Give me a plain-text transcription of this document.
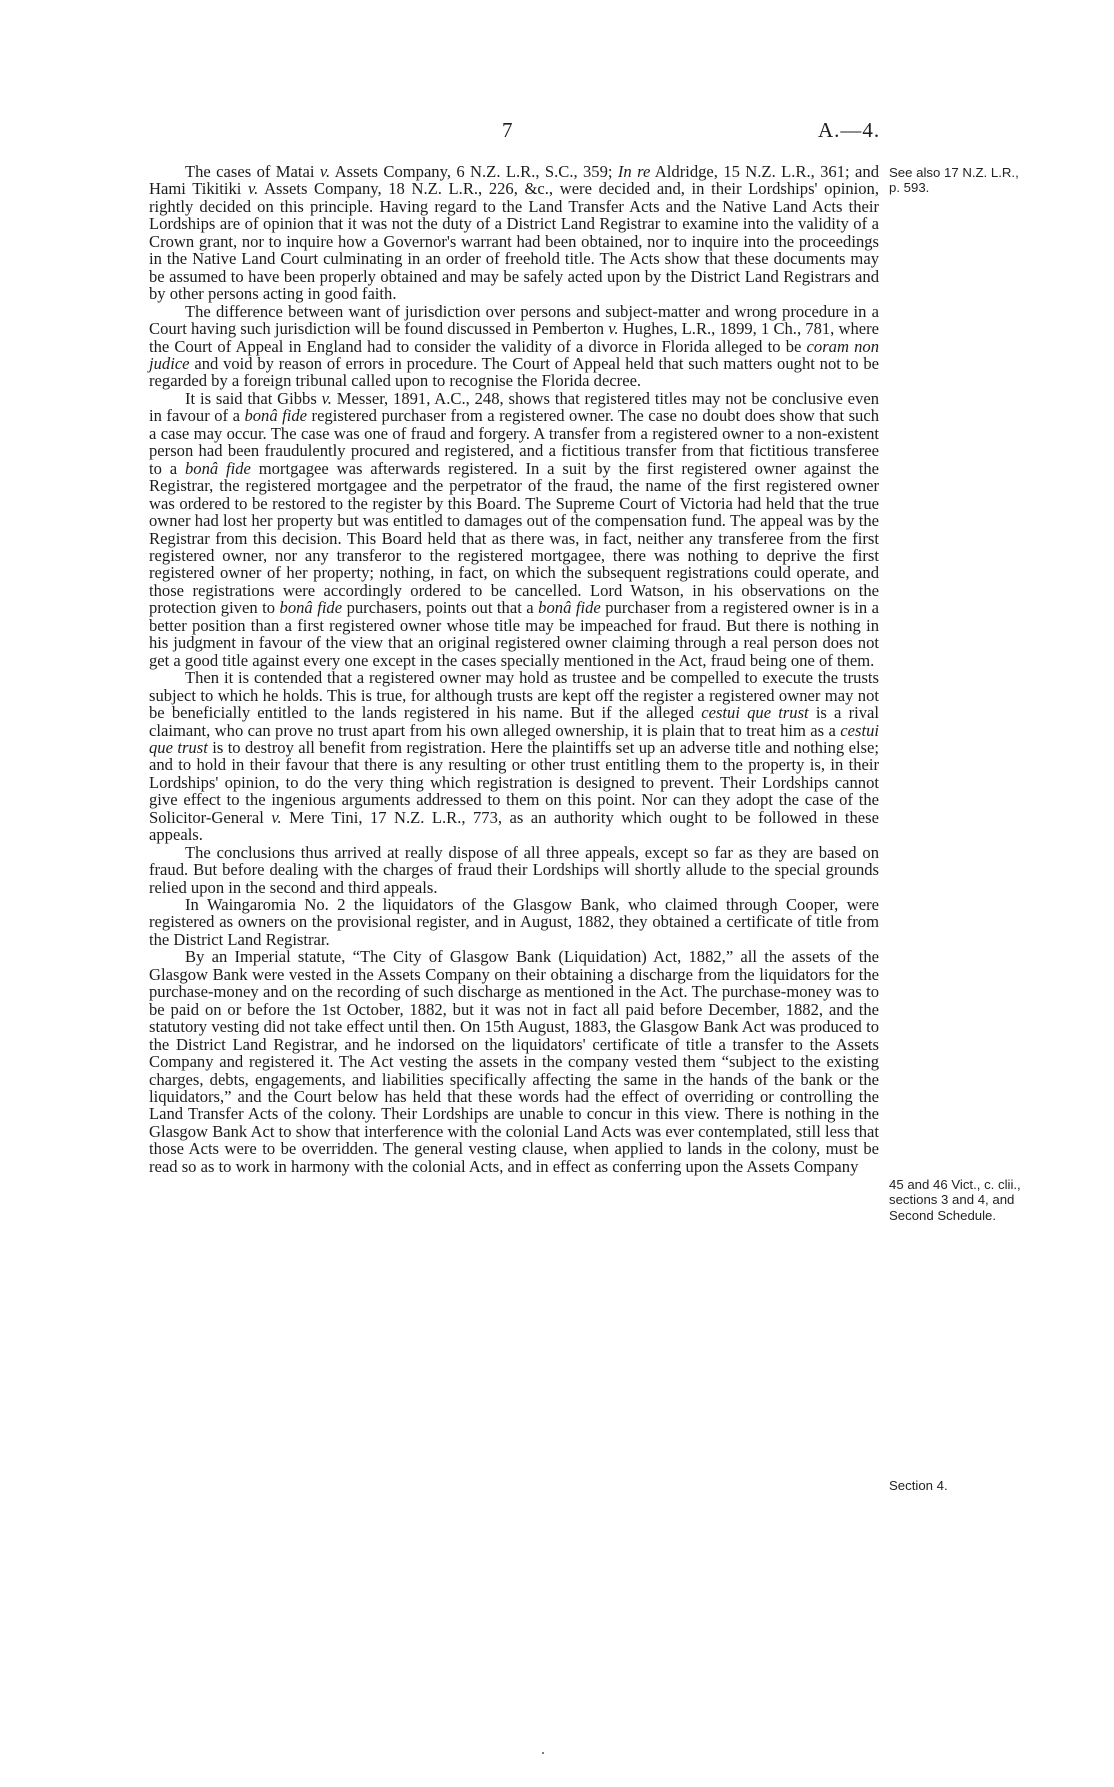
7	A.—4.

The cases of Matai v. Assets Company, 6 N.Z. L.R., S.C., 359; In re Aldridge, 15 N.Z. L.R., 361; and Hami Tikitiki v. Assets Company, 18 N.Z. L.R., 226, &c., were decided and, in their Lordships' opinion, rightly decided on this principle. Having regard to the Land Transfer Acts and the Native Land Acts their Lordships are of opinion that it was not the duty of a District Land Registrar to examine into the validity of a Crown grant, nor to inquire how a Governor's warrant had been obtained, nor to inquire into the proceedings in the Native Land Court culminating in an order of freehold title. The Acts show that these documents may be assumed to have been properly obtained and may be safely acted upon by the District Land Registrars and by other persons acting in good faith.

The difference between want of jurisdiction over persons and subject-matter and wrong procedure in a Court having such jurisdiction will be found discussed in Pemberton v. Hughes, L.R., 1899, 1 Ch., 781, where the Court of Appeal in England had to consider the validity of a divorce in Florida alleged to be coram non judice and void by reason of errors in procedure. The Court of Appeal held that such matters ought not to be regarded by a foreign tribunal called upon to recognise the Florida decree.

It is said that Gibbs v. Messer, 1891, A.C., 248, shows that registered titles may not be conclusive even in favour of a bonâ fide registered purchaser from a registered owner. The case no doubt does show that such a case may occur. The case was one of fraud and forgery. A transfer from a registered owner to a non-existent person had been fraudulently procured and registered, and a fictitious transfer from that fictitious transferee to a bonâ fide mortgagee was afterwards registered. In a suit by the first registered owner against the Registrar, the registered mortgagee and the perpetrator of the fraud, the name of the first registered owner was ordered to be restored to the register by this Board. The Supreme Court of Victoria had held that the true owner had lost her property but was entitled to damages out of the compensation fund. The appeal was by the Registrar from this decision. This Board held that as there was, in fact, neither any transferee from the first registered owner, nor any transferor to the registered mortgagee, there was nothing to deprive the first registered owner of her property; nothing, in fact, on which the subsequent registrations could operate, and those registrations were accordingly ordered to be cancelled. Lord Watson, in his observations on the protection given to bonâ fide purchasers, points out that a bonâ fide purchaser from a registered owner is in a better position than a first registered owner whose title may be impeached for fraud. But there is nothing in his judgment in favour of the view that an original registered owner claiming through a real person does not get a good title against every one except in the cases specially mentioned in the Act, fraud being one of them.

Then it is contended that a registered owner may hold as trustee and be compelled to execute the trusts subject to which he holds. This is true, for although trusts are kept off the register a registered owner may not be beneficially entitled to the lands registered in his name. But if the alleged cestui que trust is a rival claimant, who can prove no trust apart from his own alleged ownership, it is plain that to treat him as a cestui que trust is to destroy all benefit from registration. Here the plaintiffs set up an adverse title and nothing else; and to hold in their favour that there is any resulting or other trust entitling them to the property is, in their Lordships' opinion, to do the very thing which registration is designed to prevent. Their Lordships cannot give effect to the ingenious arguments addressed to them on this point. Nor can they adopt the case of the Solicitor-General v. Mere Tini, 17 N.Z. L.R., 773, as an authority which ought to be followed in these appeals.

The conclusions thus arrived at really dispose of all three appeals, except so far as they are based on fraud. But before dealing with the charges of fraud their Lordships will shortly allude to the special grounds relied upon in the second and third appeals.

In Waingaromia No. 2 the liquidators of the Glasgow Bank, who claimed through Cooper, were registered as owners on the provisional register, and in August, 1882, they obtained a certificate of title from the District Land Registrar.

By an Imperial statute, “The City of Glasgow Bank (Liquidation) Act, 1882,” all the assets of the Glasgow Bank were vested in the Assets Company on their obtaining a discharge from the liquidators for the purchase-money and on the recording of such discharge as mentioned in the Act. The purchase-money was to be paid on or before the 1st October, 1882, but it was not in fact all paid before December, 1882, and the statutory vesting did not take effect until then. On 15th August, 1883, the Glasgow Bank Act was produced to the District Land Registrar, and he indorsed on the liquidators' certificate of title a transfer to the Assets Company and registered it. The Act vesting the assets in the company vested them “subject to the existing charges, debts, engagements, and liabilities specifically affecting the same in the hands of the bank or the liquidators,” and the Court below has held that these words had the effect of overriding or controlling the Land Transfer Acts of the colony. Their Lordships are unable to concur in this view. There is nothing in the Glasgow Bank Act to show that interference with the colonial Land Acts was ever contemplated, still less that those Acts were to be overridden. The general vesting clause, when applied to lands in the colony, must be read so as to work in harmony with the colonial Acts, and in effect as conferring upon the Assets Company

See also 17 N.Z. L.R., p. 593.
45 and 46 Vict., c. clii., sections 3 and 4, and Second Schedule.
Section 4.
